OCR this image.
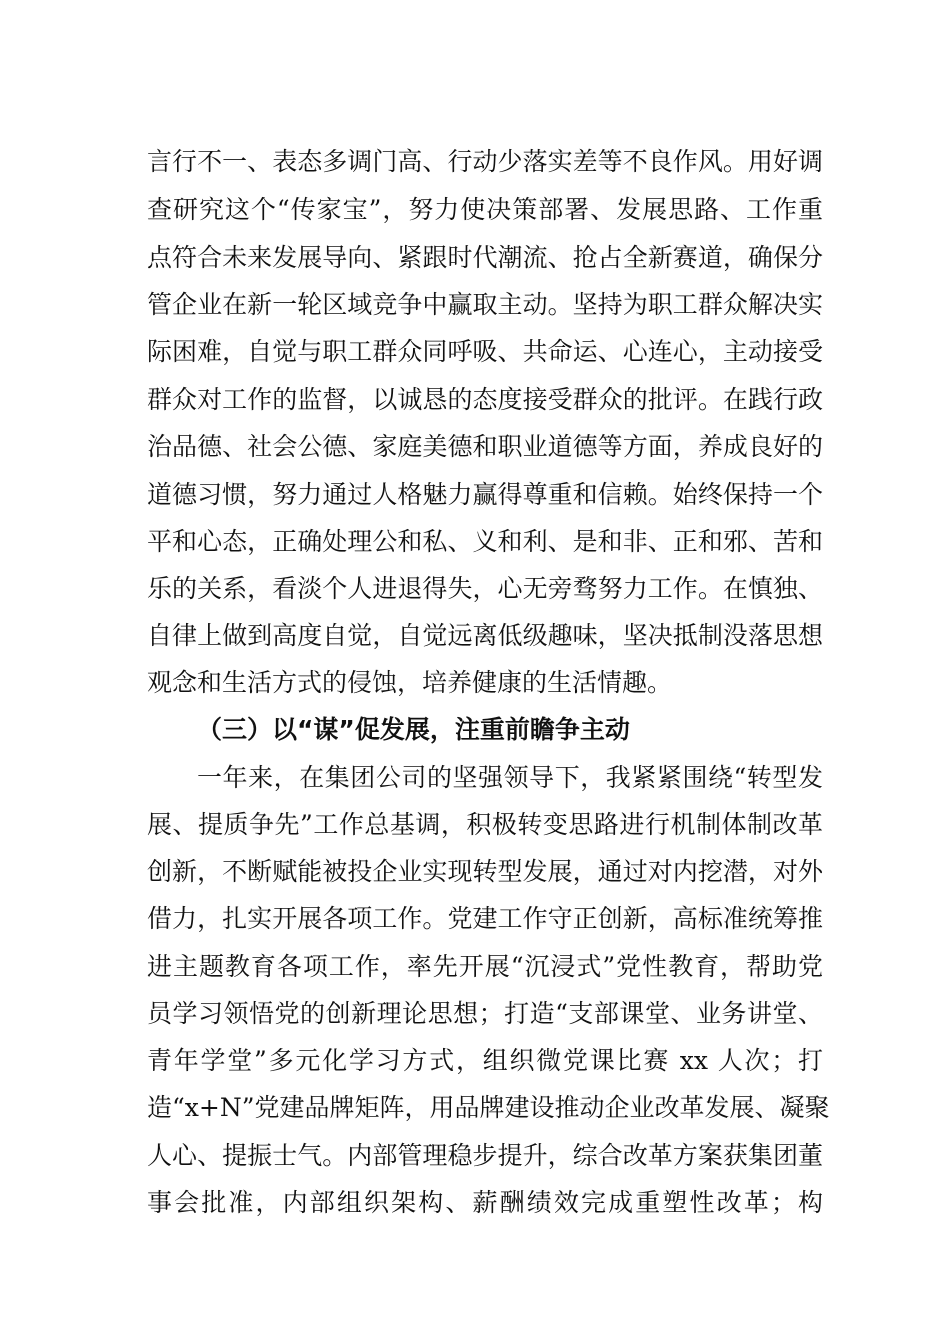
言行不一、表态多调门高、行动少落实差等不良作风。用好调
查研究这个“传家宝”，努力使决策部署、发展思路、工作重
点符合未来发展导向、紧跟时代潮流、抢占全新赛道，确保分
管企业在新一轮区域竞争中赢取主动。坚持为职工群众解决实
际困难，自觉与职工群众同呼吸、共命运、心连心，主动接受
群众对工作的监督，以诚恳的态度接受群众的批评。在践行政
治品德、社会公德、家庭美德和职业道德等方面，养成良好的
道德习惯，努力通过人格魅力赢得尊重和信赖。始终保持一个
平和心态，正确处理公和私、义和利、是和非、正和邪、苦和
乐的关系，看淡个人进退得失，心无旁骛努力工作。在慎独、
自律上做到高度自觉，自觉远离低级趣味，坚决抵制没落思想
观念和生活方式的侵蚀，培养健康的生活情趣。
（三）以“谋”促发展，注重前瞻争主动
一年来，在集团公司的坚强领导下，我紧紧围绕“转型发
展、提质争先”工作总基调，积极转变思路进行机制体制改革
创新，不断赋能被投企业实现转型发展，通过对内挖潜，对外
借力，扎实开展各项工作。党建工作守正创新，高标准统筹推
进主题教育各项工作，率先开展“沉浸式”党性教育，帮助党
员学习领悟党的创新理论思想；打造“支部课堂、业务讲堂、
青年学堂”多元化学习方式，组织微党课比赛 xx 人次；打
造“x+N”党建品牌矩阵，用品牌建设推动企业改革发展、凝聚
人心、提振士气。内部管理稳步提升，综合改革方案获集团董
事会批准，内部组织架构、薪酬绩效完成重塑性改革；构
